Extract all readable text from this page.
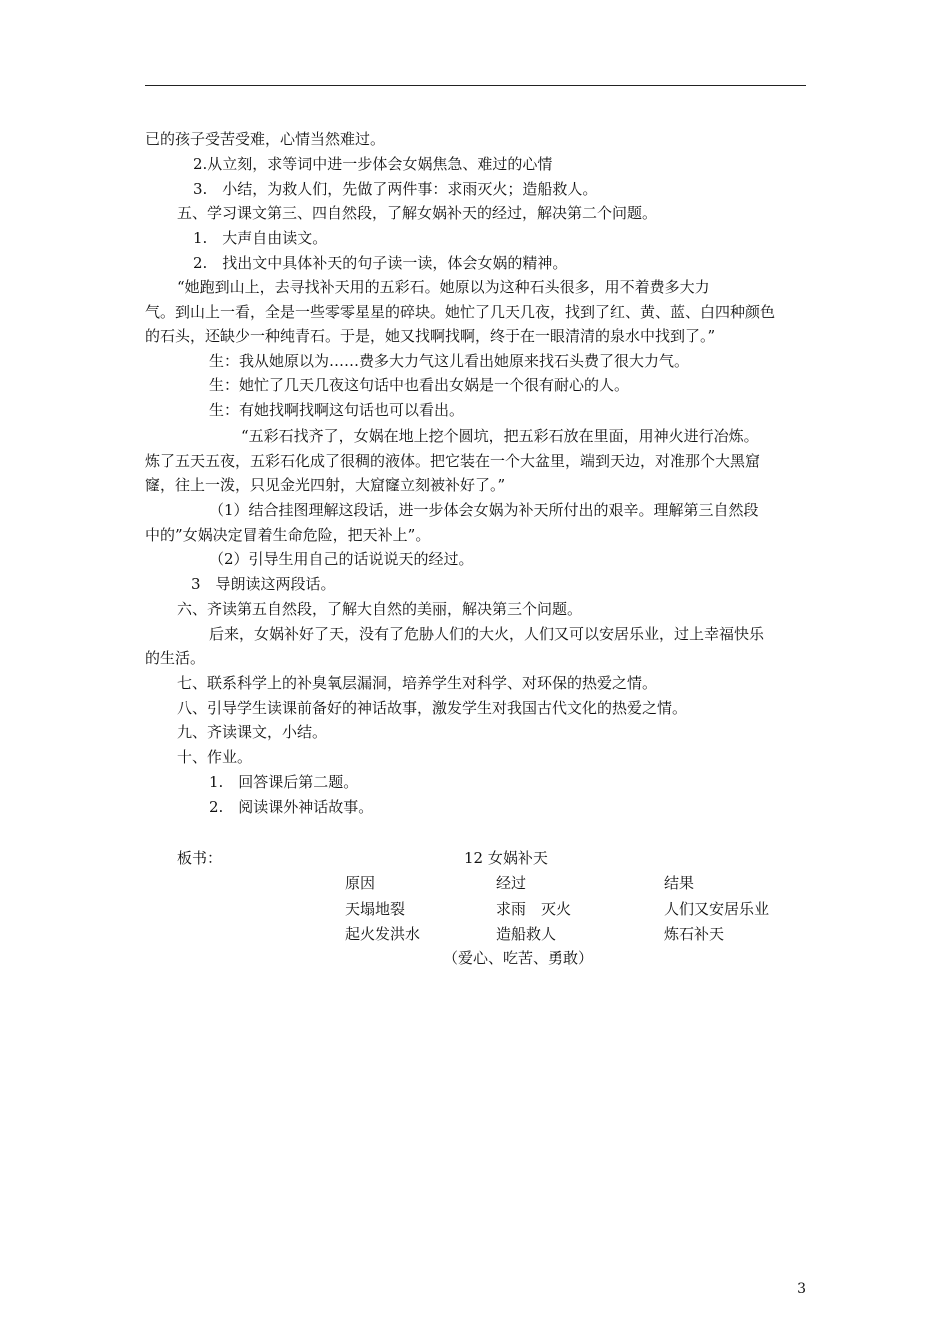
已的孩子受苦受难，心情当然难过。
2.从立刻，求等词中进一步体会女娲焦急、难过的心情
3.　小结，为救人们，先做了两件事：求雨灭火；造船救人。
五、学习课文第三、四自然段，了解女娲补天的经过，解决第二个问题。
1.　大声自由读文。
2.　找出文中具体补天的句子读一读，体会女娲的精神。
“她跑到山上，去寻找补天用的五彩石。她原以为这种石头很多，用不着费多大力
气。到山上一看，全是一些零零星星的碎块。她忙了几天几夜，找到了红、黄、蓝、白四种颜色
的石头，还缺少一种纯青石。于是，她又找啊找啊，终于在一眼清清的泉水中找到了。”
生：我从她原以为……费多大力气这儿看出她原来找石头费了很大力气。
生：她忙了几天几夜这句话中也看出女娲是一个很有耐心的人。
生：有她找啊找啊这句话也可以看出。
“五彩石找齐了，女娲在地上挖个圆坑，把五彩石放在里面，用神火进行冶炼。
炼了五天五夜，五彩石化成了很稠的液体。把它装在一个大盆里，端到天边，对准那个大黑窟
窿，往上一泼，只见金光四射，大窟窿立刻被补好了。”
（1）结合挂图理解这段话，进一步体会女娲为补天所付出的艰辛。理解第三自然段
中的”女娲决定冒着生命危险，把天补上”。
（2）引导生用自己的话说说天的经过。
3　导朗读这两段话。
六、齐读第五自然段，了解大自然的美丽，解决第三个问题。
后来，女娲补好了天，没有了危胁人们的大火，人们又可以安居乐业，过上幸福快乐
的生活。
七、联系科学上的补臭氧层漏洞，培养学生对科学、对环保的热爱之情。
八、引导学生读课前备好的神话故事，激发学生对我国古代文化的热爱之情。
九、齐读课文，小结。
十、作业。
1.　回答课后第二题。
2.　阅读课外神话故事。
板书：	12 女娲补天
原因	经过	结果
天塌地裂	求雨　灭火	人们又安居乐业
起火发洪水	造船救人	炼石补天
（爱心、吃苦、勇敢）
3
